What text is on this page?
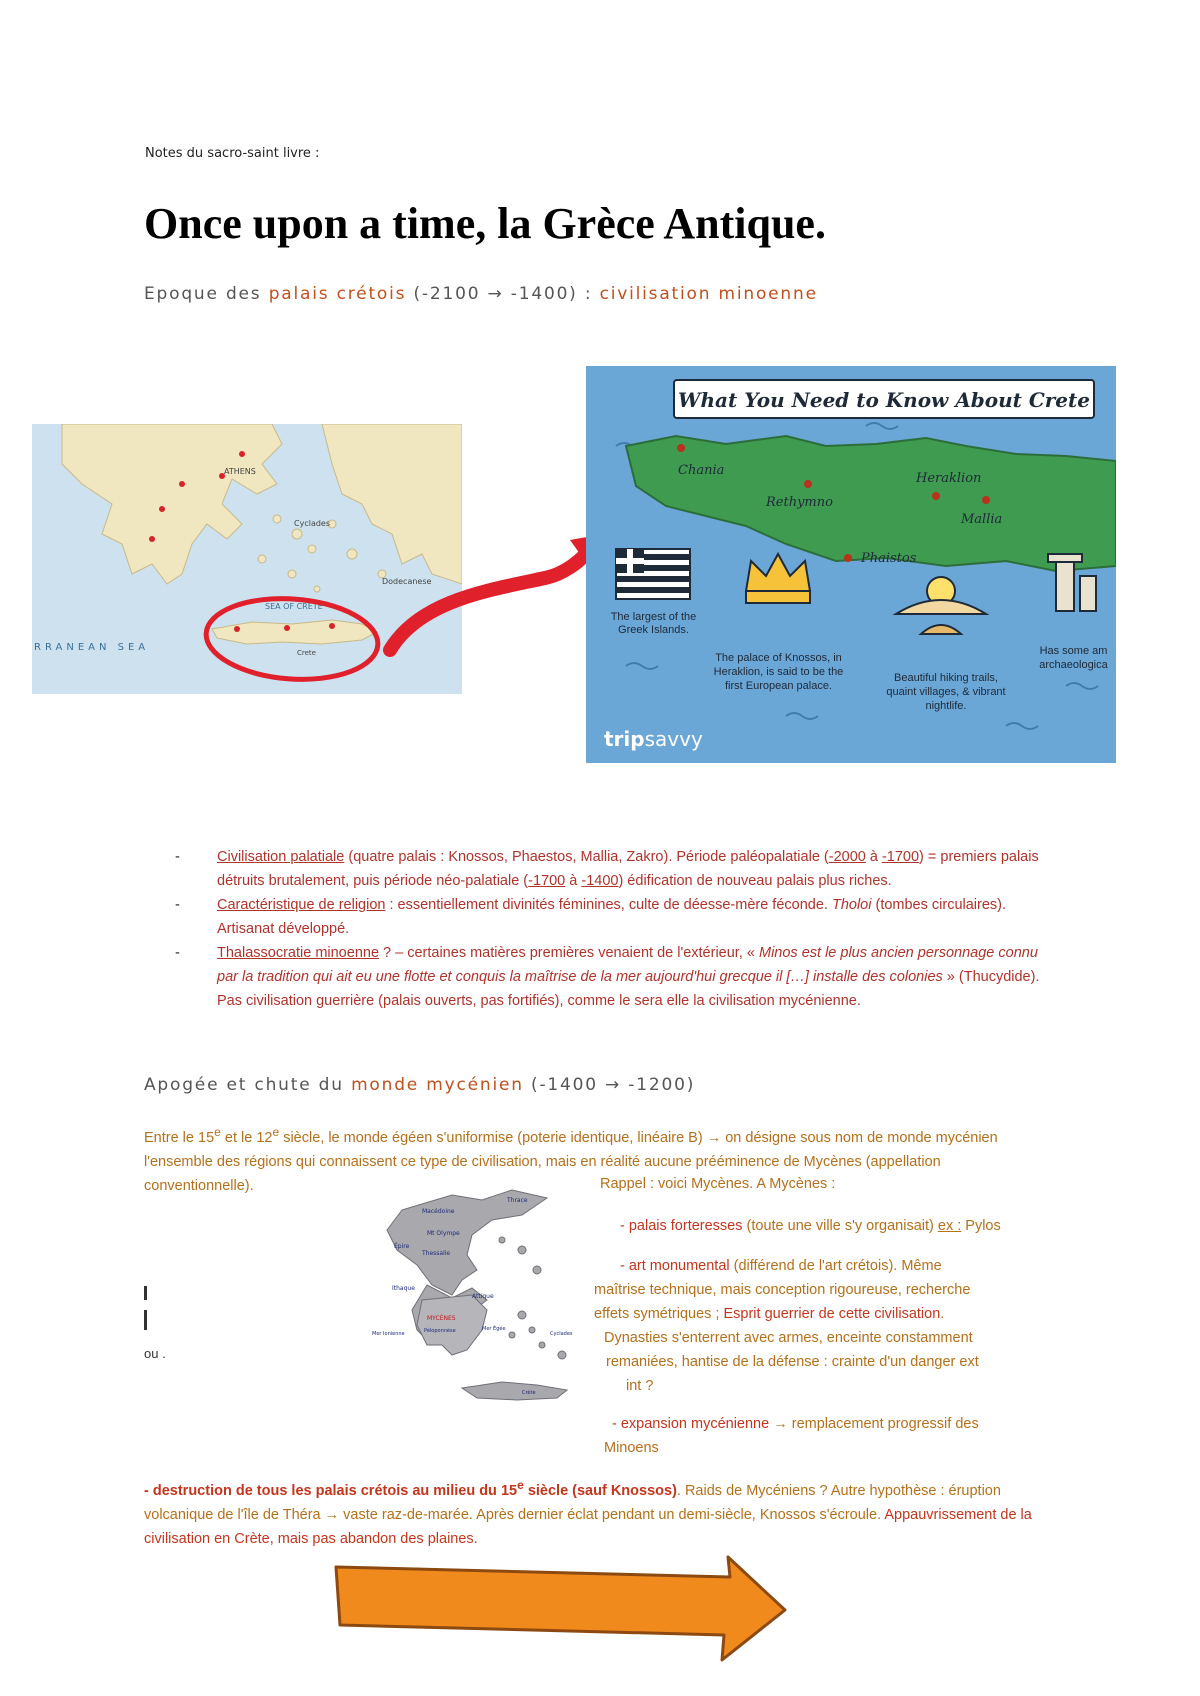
Notes du sacro-saint livre :
Once upon a time, la Grèce Antique.
Epoque des palais crétois (-2100 → -1400) : civilisation minoenne
ATHENS
Cyclades
SEA OF CRETE
RRANEAN SEA
Dodecanese
Crete
What You Need to Know About Crete
Chania
Rethymno
Heraklion
Mallia
Phaistos
The largest of the Greek Islands.
The palace of Knossos, in Heraklion, is said to be the first European palace.
Beautiful hiking trails, quaint villages, & vibrant nightlife.
Has some am archaeologica
tripsavvy
- Civilisation palatiale (quatre palais : Knossos, Phaestos, Mallia, Zakro). Période paléopalatiale (-2000 à -1700) = premiers palais détruits brutalement, puis période néo-palatiale (-1700 à -1400) édification de nouveau palais plus riches.
- Caractéristique de religion : essentiellement divinités féminines, culte de déesse-mère féconde. Tholoi (tombes circulaires). Artisanat développé.
- Thalassocratie minoenne ? – certaines matières premières venaient de l'extérieur, « Minos est le plus ancien personnage connu par la tradition qui ait eu une flotte et conquis la maîtrise de la mer aujourd'hui grecque il […] installe des colonies » (Thucydide). Pas civilisation guerrière (palais ouverts, pas fortifiés), comme le sera elle la civilisation mycénienne.
Apogée et chute du monde mycénien (-1400 → -1200)
Entre le 15e et le 12e siècle, le monde égéen s'uniformise (poterie identique, linéaire B) → on désigne sous nom de monde mycénien l'ensemble des régions qui connaissent ce type de civilisation, mais en réalité aucune prééminence de Mycènes (appellation conventionnelle).
Macédoine
Thrace
Mt Olympe
Épire
Thessalie
Ithaque
Attique
MYCÈNES
Mer Ionienne	Péloponnèse	Mer Égée
Cyclades
Crète
ou .
Rappel : voici Mycènes. A Mycènes :
- palais forteresses (toute une ville s'y organisait) ex : Pylos
- art monumental (différend de l'art crétois). Même
maîtrise technique, mais conception rigoureuse, recherche
effets symétriques ; Esprit guerrier de cette civilisation.
Dynasties s'enterrent avec armes, enceinte constamment
remaniées, hantise de la défense : crainte d'un danger ext
int ?
- expansion mycénienne → remplacement progressif des
Minoens
- destruction de tous les palais crétois au milieu du 15e siècle (sauf Knossos). Raids de Mycéniens ? Autre hypothèse : éruption volcanique de l'île de Théra → vaste raz-de-marée. Après dernier éclat pendant un demi-siècle, Knossos s'écroule. Appauvrissement de la civilisation en Crète, mais pas abandon des plaines.
